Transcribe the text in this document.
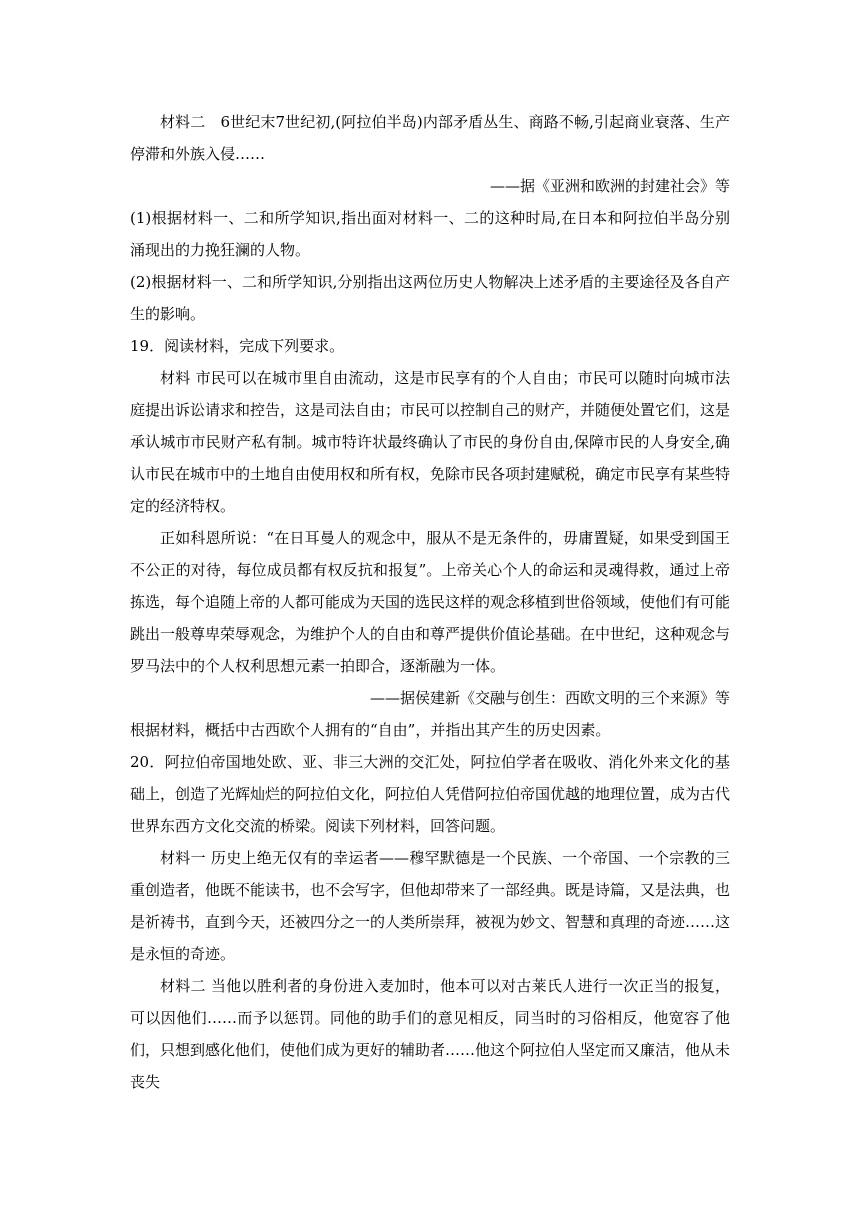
材料二　6世纪末7世纪初,(阿拉伯半岛)内部矛盾丛生、商路不畅,引起商业衰落、生产停滞和外族入侵……

——据《亚洲和欧洲的封建社会》等

(1)根据材料一、二和所学知识,指出面对材料一、二的这种时局,在日本和阿拉伯半岛分别涌现出的力挽狂澜的人物。

(2)根据材料一、二和所学知识,分别指出这两位历史人物解决上述矛盾的主要途径及各自产生的影响。

19．阅读材料，完成下列要求。

材料 市民可以在城市里自由流动，这是市民享有的个人自由；市民可以随时向城市法庭提出诉讼请求和控告，这是司法自由；市民可以控制自己的财产，并随便处置它们，这是承认城市市民财产私有制。城市特许状最终确认了市民的身份自由,保障市民的人身安全,确认市民在城市中的土地自由使用权和所有权，免除市民各项封建赋税，确定市民享有某些特定的经济特权。

正如科恩所说：“在日耳曼人的观念中，服从不是无条件的，毋庸置疑，如果受到国王不公正的对待，每位成员都有权反抗和报复”。上帝关心个人的命运和灵魂得救，通过上帝拣选，每个追随上帝的人都可能成为天国的选民这样的观念移植到世俗领域，使他们有可能跳出一般尊卑荣辱观念，为维护个人的自由和尊严提供价值论基础。在中世纪，这种观念与罗马法中的个人权利思想元素一拍即合，逐渐融为一体。

——据侯建新《交融与创生：西欧文明的三个来源》等

根据材料，概括中古西欧个人拥有的“自由”，并指出其产生的历史因素。

20．阿拉伯帝国地处欧、亚、非三大洲的交汇处，阿拉伯学者在吸收、消化外来文化的基础上，创造了光辉灿烂的阿拉伯文化，阿拉伯人凭借阿拉伯帝国优越的地理位置，成为古代世界东西方文化交流的桥梁。阅读下列材料，回答问题。

材料一 历史上绝无仅有的幸运者——穆罕默德是一个民族、一个帝国、一个宗教的三重创造者，他既不能读书，也不会写字，但他却带来了一部经典。既是诗篇，又是法典，也是祈祷书，直到今天，还被四分之一的人类所崇拜，被视为妙文、智慧和真理的奇迹……这是永恒的奇迹。

材料二 当他以胜利者的身份进入麦加时，他本可以对古莱氏人进行一次正当的报复，可以因他们……而予以惩罚。同他的助手们的意见相反，同当时的习俗相反，他宽容了他们，只想到感化他们，使他们成为更好的辅助者……他这个阿拉伯人坚定而又廉洁，他从未丧失
